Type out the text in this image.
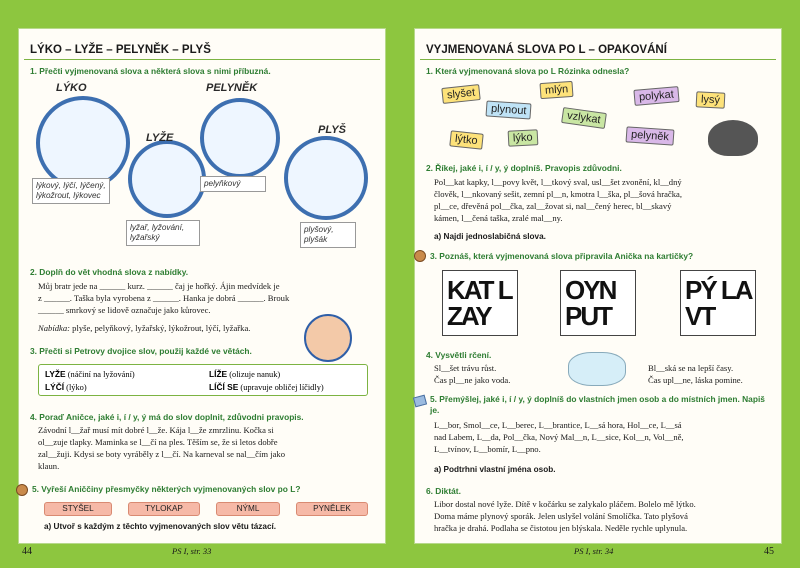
LÝKO – LYŽE – PELYNĚK – PLYŠ
1. Přečti vyjmenovaná slova a některá slova s nimi příbuzná.
LÝKO
lýkový, lýčí, lýčený, lýkožrout, lýkovec
LYŽE
lyžař, lyžování, lyžařský
PELYNĚK
pelyňkový
PLYŠ
plyšový, plyšák
2. Doplň do vět vhodná slova z nabídky.

Můj bratr jede na ______ kurz. ______ čaj je hořký. Ájin medvídek je

z ______. Taška byla vyrobena z ______. Hanka je dobrá ______. Brouk

______ smrkový se lidově označuje jako kůrovec.

Nabídka: plyše, pelyňkový, lyžařský, lýkožrout, lýčí, lyžařka.

3. Přečti si Petrovy dvojice slov, použij každé ve větách.
LYŽE (náčiní na lyžování)	LÍŽE (olizuje nanuk)
LÝČÍ (lýko)	LÍČÍ SE (upravuje obličej líčidly)
4. Poraď Aničce, jaké i, í / y, ý má do slov doplnit, zdůvodni pravopis.

Závodní l__žař musí mít dobré l__že. Kája l__že zmrzlinu. Kočka si

ol__zuje tlapky. Maminka se l__čí na ples. Těším se, že si letos dobře

zal__žuji. Kdysi se boty vyráběly z l__čí. Na karneval se nal__čím jako

klaun.

5. Vyřeší Aniččiny přesmyčky některých vyjmenovaných slov po L?
STYŠEL	TYLOKAP	NÝML	PYNĚLEK
a) Utvoř s každým z těchto vyjmenovaných slov větu tázací.
44	PS I, str. 33
VYJMENOVANÁ SLOVA PO L – OPAKOVÁNÍ
1. Která vyjmenovaná slova po L Rózinka odnesla?
slyšet
plynout
mlýn	polykat	lysý
lýko
vzlykat
pelyněk
lýtko
2. Říkej, jaké i, í / y, ý doplníš. Pravopis zdůvodni.

Pol__kat kapky, l__povy květ, l__tkový sval, usl__šet zvonění, kl__dný

člověk, l__nkovaný sešit, zemní pl__n, kmotra l__ška, pl__šová hračka,

pl__ce, dřevěná pol__čka, zal__žovat si, nal__čený herec, bl__skavý

kámen, l__čená taška, zralé mal__ny.

a) Najdi jednoslabičná slova.
3. Poznáš, která vyjmenovaná slova připravila Anička na kartičky?
KAT LZAY
OYN PUT
PÝ LAVT
4. Vysvětli rčení.

Sl__šet trávu růst.

Čas pl__ne jako voda.

Bl__ská se na lepší časy.

Čas upl__ne, láska pomine.

5. Přemýšlej, jaké i, í / y, ý doplníš do vlastních jmen osob a do místních jmen. Napiš je.

L__bor, Smol__ce, L__berec, L__brantice, L__sá hora, Hol__ce, L__sá

nad Labem, L__da, Pol__čka, Nový Mal__n, L__sice, Kol__n, Vol__ně,

L__tvínov, L__bomír, L__pno.

a) Podtrhni vlastní jména osob.
6. Diktát.

Libor dostal nové lyže. Dítě v kočárku se zalykalo pláčem. Bolelo mě lýtko.

Doma máme plynový sporák. Jelen uslyšel volání Smolíčka. Tato plyšová

hračka je drahá. Podlaha se čistotou jen blýskala. Neděle rychle uplynula.

PS I, str. 34	45
